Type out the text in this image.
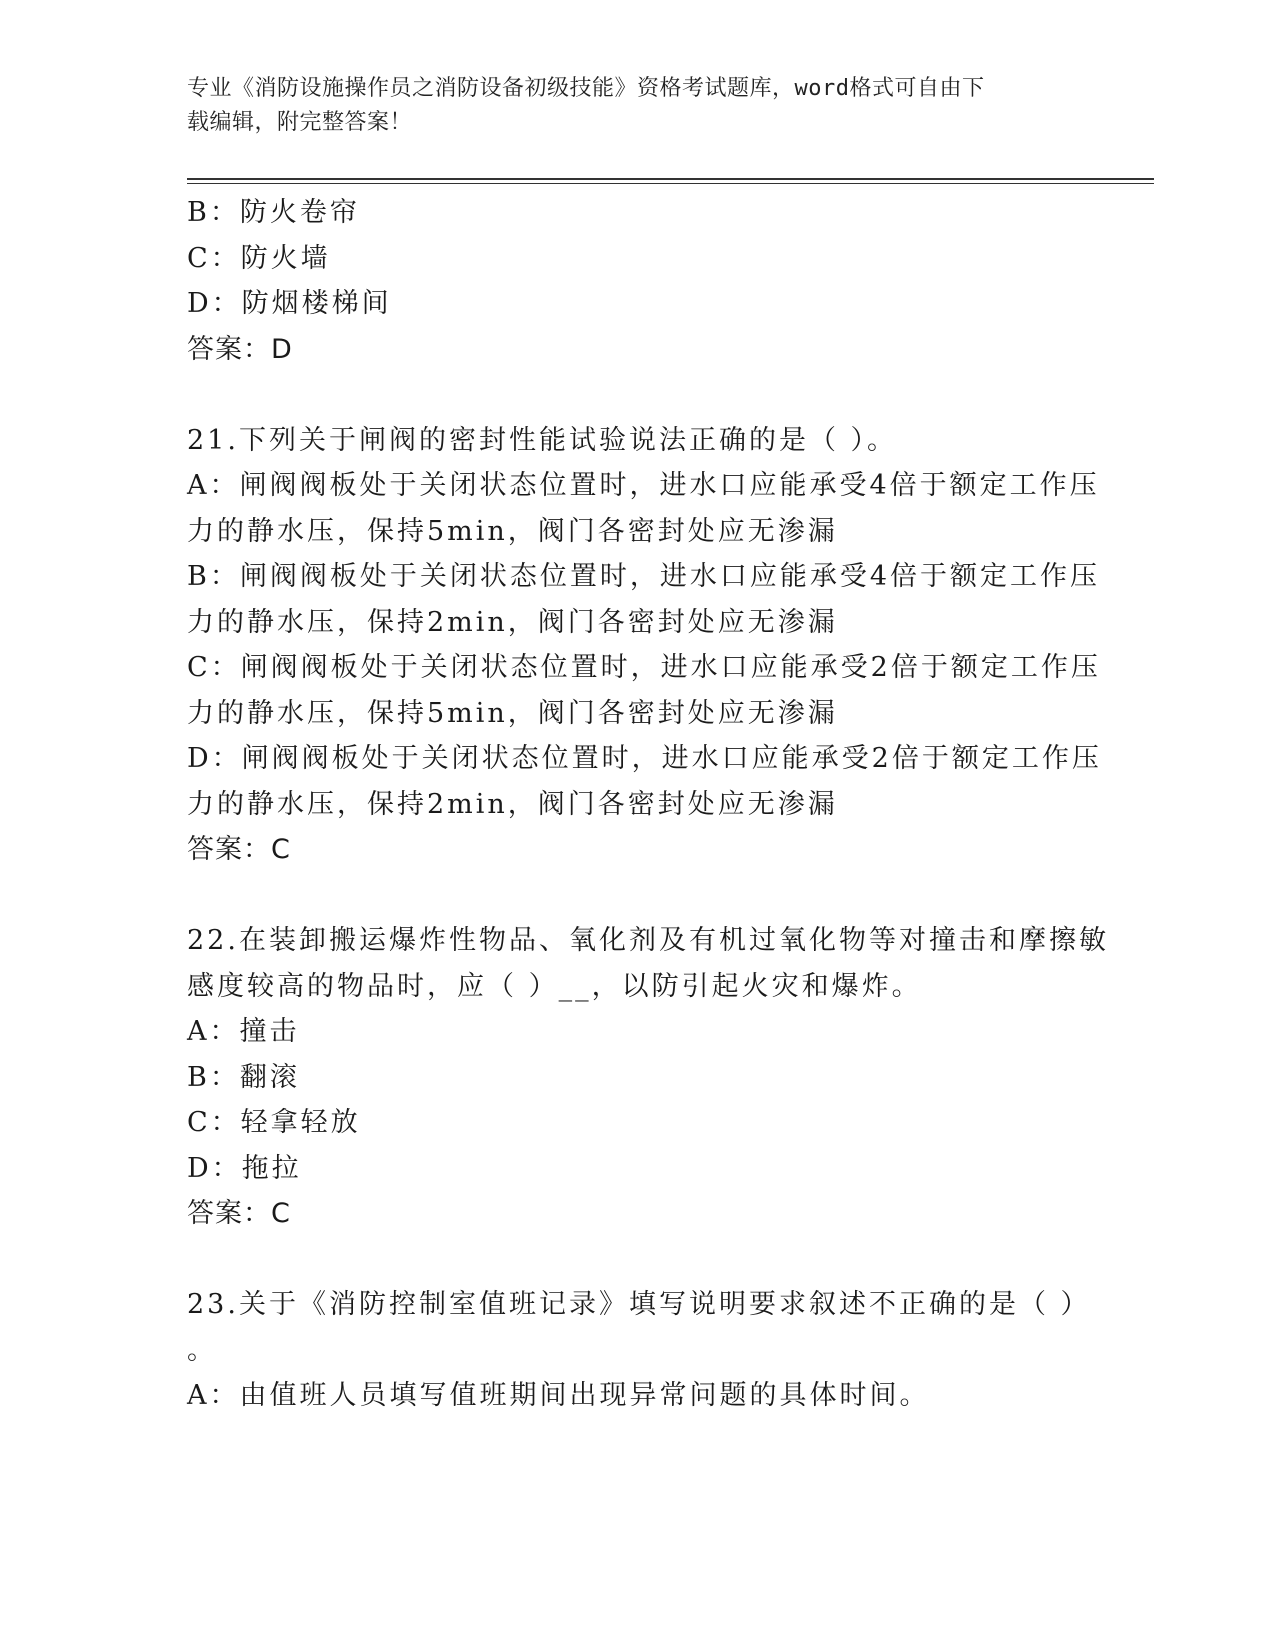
专业《消防设施操作员之消防设备初级技能》资格考试题库，word格式可自由下
载编辑，附完整答案！
B：防火卷帘
C：防火墙
D：防烟楼梯间
答案：D
21.下列关于闸阀的密封性能试验说法正确的是（ ）。
A：闸阀阀板处于关闭状态位置时，进水口应能承受4倍于额定工作压
力的静水压，保持5min，阀门各密封处应无渗漏
B：闸阀阀板处于关闭状态位置时，进水口应能承受4倍于额定工作压
力的静水压，保持2min，阀门各密封处应无渗漏
C：闸阀阀板处于关闭状态位置时，进水口应能承受2倍于额定工作压
力的静水压，保持5min，阀门各密封处应无渗漏
D：闸阀阀板处于关闭状态位置时，进水口应能承受2倍于额定工作压
力的静水压，保持2min，阀门各密封处应无渗漏
答案：C
22.在装卸搬运爆炸性物品、氧化剂及有机过氧化物等对撞击和摩擦敏
感度较高的物品时，应（ ）__，以防引起火灾和爆炸。
A：撞击
B：翻滚
C：轻拿轻放
D：拖拉
答案：C
23.关于《消防控制室值班记录》填写说明要求叙述不正确的是（ ）
。
A：由值班人员填写值班期间出现异常问题的具体时间。
